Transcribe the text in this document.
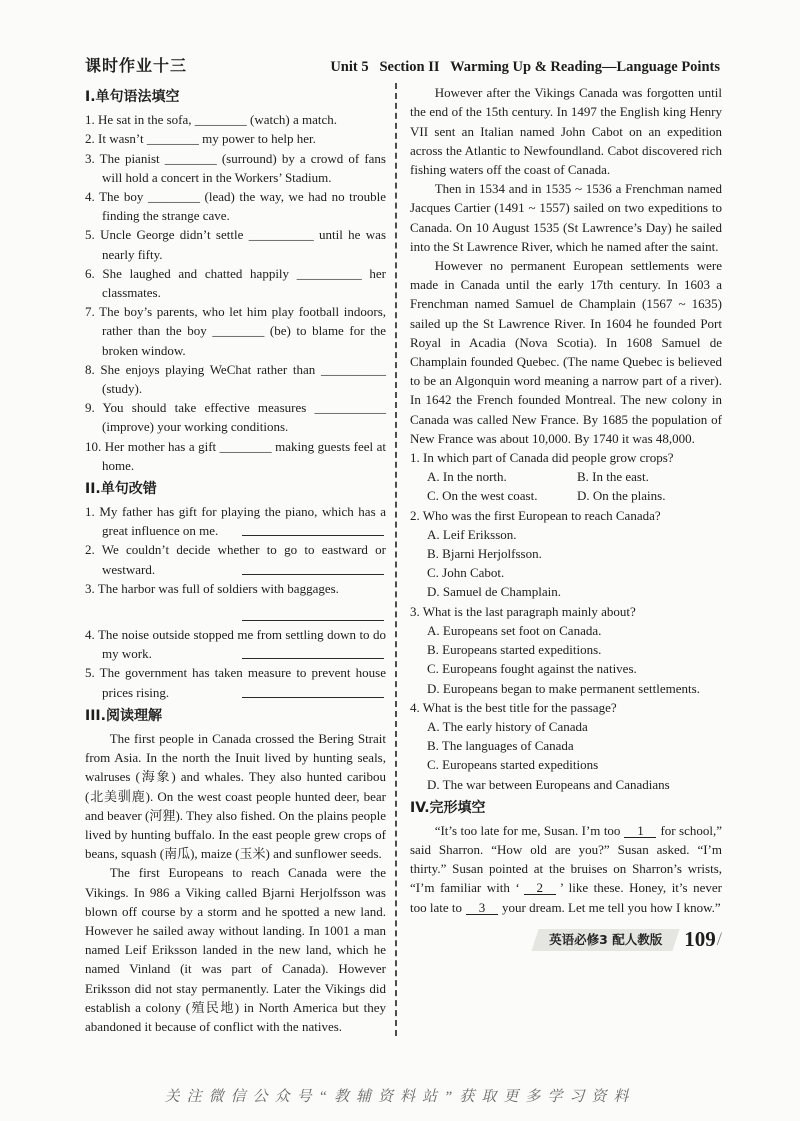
课时作业十三	Unit 5   Section II   Warming Up & Reading—Language Points
I.单句语法填空
1. He sat in the sofa, ________ (watch) a match.
2. It wasn’t ________ my power to help her.
3. The pianist ________ (surround) by a crowd of fans will hold a concert in the Workers’ Stadium.
4. The boy ________ (lead) the way, we had no trouble finding the strange cave.
5. Uncle George didn’t settle __________ until he was nearly fifty.
6. She laughed and chatted happily __________ her classmates.
7. The boy’s parents, who let him play football indoors, rather than the boy ________ (be) to blame for the broken window.
8. She enjoys playing WeChat rather than __________ (study).
9. You should take effective measures ___________ (improve) your working conditions.
10. Her mother has a gift ________ making guests feel at home.
II.单句改错
1. My father has gift for playing the piano, which has a great influence on me.
2. We couldn’t decide whether to go to eastward or westward.
3. The harbor was full of soldiers with baggages.
4. The noise outside stopped me from settling down to do my work.
5. The government has taken measure to prevent house prices rising.
III.阅读理解

The first people in Canada crossed the Bering Strait from Asia. In the north the Inuit lived by hunting seals, walruses (海象) and whales. They also hunted caribou (北美驯鹿). On the west coast people hunted deer, bear and beaver (河狸). They also fished. On the plains people lived by hunting buffalo. In the east people grew crops of beans, squash (南瓜), maize (玉米) and sunflower seeds.

The first Europeans to reach Canada were the Vikings. In 986 a Viking called Bjarni Herjolfsson was blown off course by a storm and he spotted a new land. However he sailed away without landing. In 1001 a man named Leif Eriksson landed in the new land, which he named Vinland (it was part of Canada). However Eriksson did not stay permanently. Later the Vikings did establish a colony (殖民地) in North America but they abandoned it because of conflict with the natives.

However after the Vikings Canada was forgotten until the end of the 15th century. In 1497 the English king Henry VII sent an Italian named John Cabot on an expedition across the Atlantic to Newfoundland. Cabot discovered rich fishing waters off the coast of Canada.

Then in 1534 and in 1535 ~ 1536 a Frenchman named Jacques Cartier (1491 ~ 1557) sailed on two expeditions to Canada. On 10 August 1535 (St Lawrence’s Day) he sailed into the St Lawrence River, which he named after the saint.

However no permanent European settlements were made in Canada until the early 17th century. In 1603 a Frenchman named Samuel de Champlain (1567 ~ 1635) sailed up the St Lawrence River. In 1604 he founded Port Royal in Acadia (Nova Scotia). In 1608 Samuel de Champlain founded Quebec. (The name Quebec is believed to be an Algonquin word meaning a narrow part of a river). In 1642 the French founded Montreal. The new colony in Canada was called New France. By 1685 the population of New France was about 10,000. By 1740 it was 48,000.

1. In which part of Canada did people grow crops?
A. In the north.	B. In the east.
C. On the west coast.	D. On the plains.
2. Who was the first European to reach Canada?
A. Leif Eriksson.
B. Bjarni Herjolfsson.
C. John Cabot.
D. Samuel de Champlain.
3. What is the last paragraph mainly about?
A. Europeans set foot on Canada.
B. Europeans started expeditions.
C. Europeans fought against the natives.
D. Europeans began to make permanent settlements.
4. What is the best title for the passage?
A. The early history of Canada
B. The languages of Canada
C. Europeans started expeditions
D. The war between Europeans and Canadians
IV.完形填空

“It’s too late for me, Susan. I’m too 1 for school,” said Sharron. “How old are you?” Susan asked. “I’m thirty.” Susan pointed at the bruises on Sharron’s wrists, “I’m familiar with ‘ 2 ’ like these. Honey, it’s never too late to 3 your dream. Let me tell you how I know.”

英语必修3 配人教版	109 /
关注微信公众号“教辅资料站”获取更多学习资料
